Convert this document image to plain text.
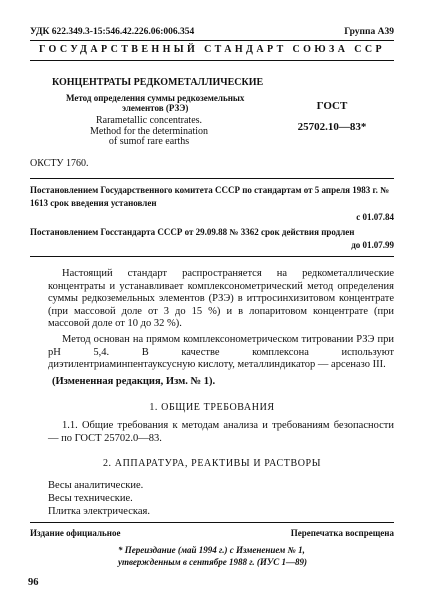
УДК 622.349.3-15:546.42.226.06:006.354	Группа А39
ГОСУДАРСТВЕННЫЙ СТАНДАРТ СОЮЗА ССР
КОНЦЕНТРАТЫ РЕДКОМЕТАЛЛИЧЕСКИЕ
Метод определения суммы редкоземельных
элементов (РЗЭ)
Rarametallic concentrates.
Method for the determination
of sumof rare earths
ГОСТ
25702.10—83*
ОКСТУ 1760.
Постановлением Государственного комитета СССР по стандартам от 5 апреля 1983 г. № 1613 срок введения установлен
с 01.07.84
Постановлением Госстандарта СССР от 29.09.88 № 3362 срок действия продлен
до 01.07.99
Настоящий стандарт распространяется на редкометаллические концентраты и устанавливает комплексонометрический метод определения суммы редкоземельных элементов (РЗЭ) в иттросинхизитовом концентрате (при массовой доле от 3 до 15 %) и в лопаритовом концентрате (при массовой доле от 10 до 32 %).
Метод основан на прямом комплексонометрическом титровании РЗЭ при pH 5,4. В качестве комплексона используют диэтилентриаминпентауксусную кислоту, металлиндикатор — арсеназо III.
(Измененная редакция, Изм. № 1).
1. ОБЩИЕ ТРЕБОВАНИЯ
1.1. Общие требования к методам анализа и требованиям безопасности — по ГОСТ 25702.0—83.
2. АППАРАТУРА, РЕАКТИВЫ И РАСТВОРЫ
Весы аналитические.
Весы технические.
Плитка электрическая.
Издание официальное	Перепечатка воспрещена
* Переиздание (май 1994 г.) с Изменением № 1,
утвержденным в сентябре 1988 г. (ИУС 1—89)
96
